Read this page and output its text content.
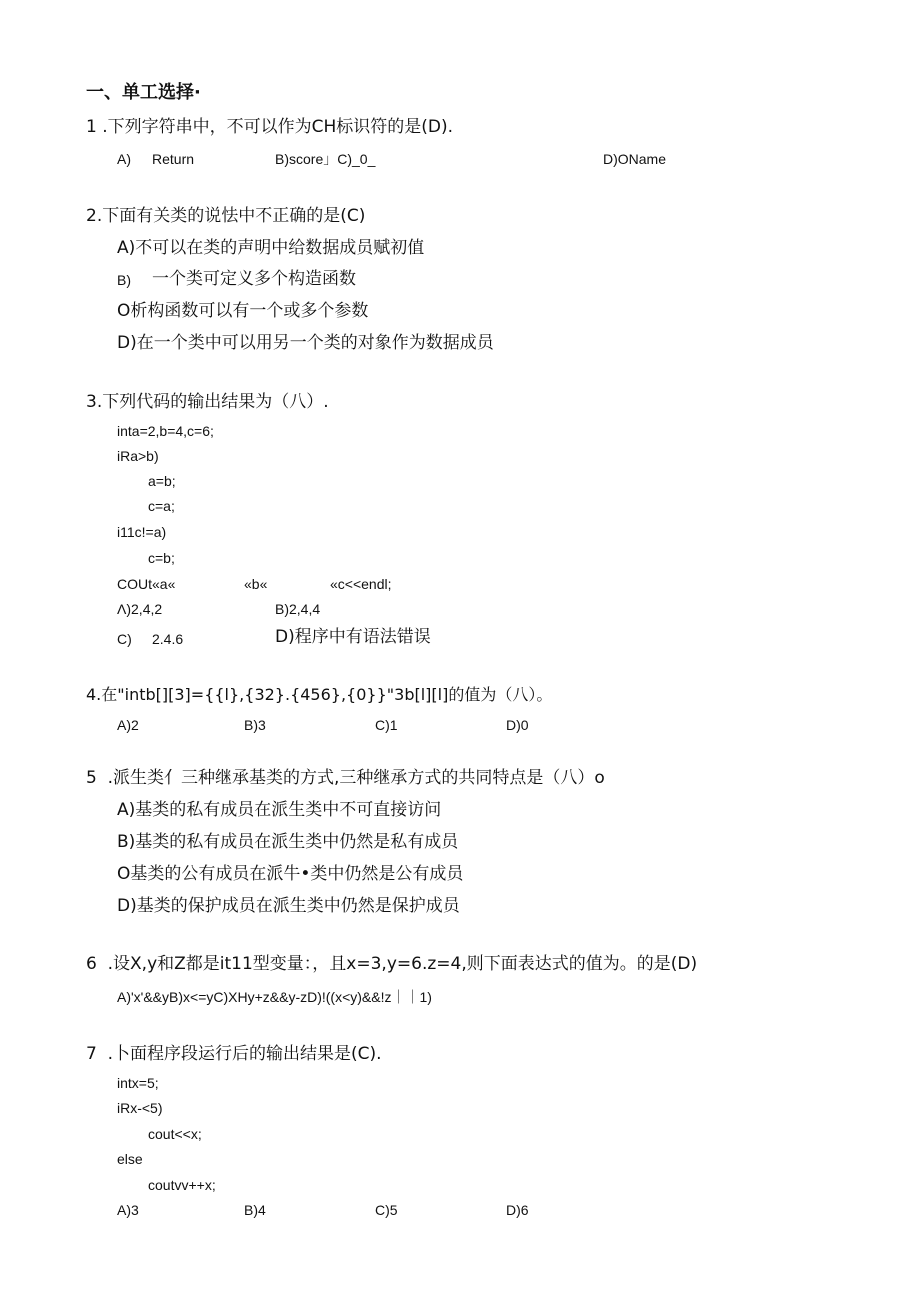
一、单工选择·
1 .下列字符串中，不可以作为CH标识符的是(D).
A) Return	B)score」C)_0_	D)OName
2.下面有关类的说怯中不正确的是(C)
A)不可以在类的声明中给数据成员赋初值
B) 一个类可定义多个构造函数
O析构函数可以有一个或多个参数
D)在一个类中可以用另一个类的对象作为数据成员
3.下列代码的输出结果为（八）.
inta=2,b=4,c=6;
iRa>b)
a=b;
c=a;
i11c!=a)
c=b;
COUt«a«	«b«	«c<<endl;
Λ)2,4,2	B)2,4,4
C) 2.4.6	D)程序中有语法错误
4.在"intb[][3]={{l},{32}.{456},{0}}"3b[l][l]的值为（八）。
A)2	B)3	C)1	D)0
5  .派生类亻三种继承基类的方式,三种继承方式的共同特点是（八）o
A)基类的私有成员在派生类中不可直接访问
B)基类的私有成员在派生类中仍然是私有成员
O基类的公有成员在派牛•类中仍然是公有成员
D)基类的保护成员在派生类中仍然是保护成员
6  .设X,y和Z都是it11型变量：，且x=3,y=6.z=4,则下面表达式的值为。的是(D)
A)'x'&&yB)x<=yC)XHy+z&&y-zD)!((x<y)&&!z｜｜1)
7  .卜面程序段运行后的输出结果是(C).
intx=5;
iRx-<5)
cout<<x;
else
coutvv++x;
A)3	B)4	C)5	D)6
